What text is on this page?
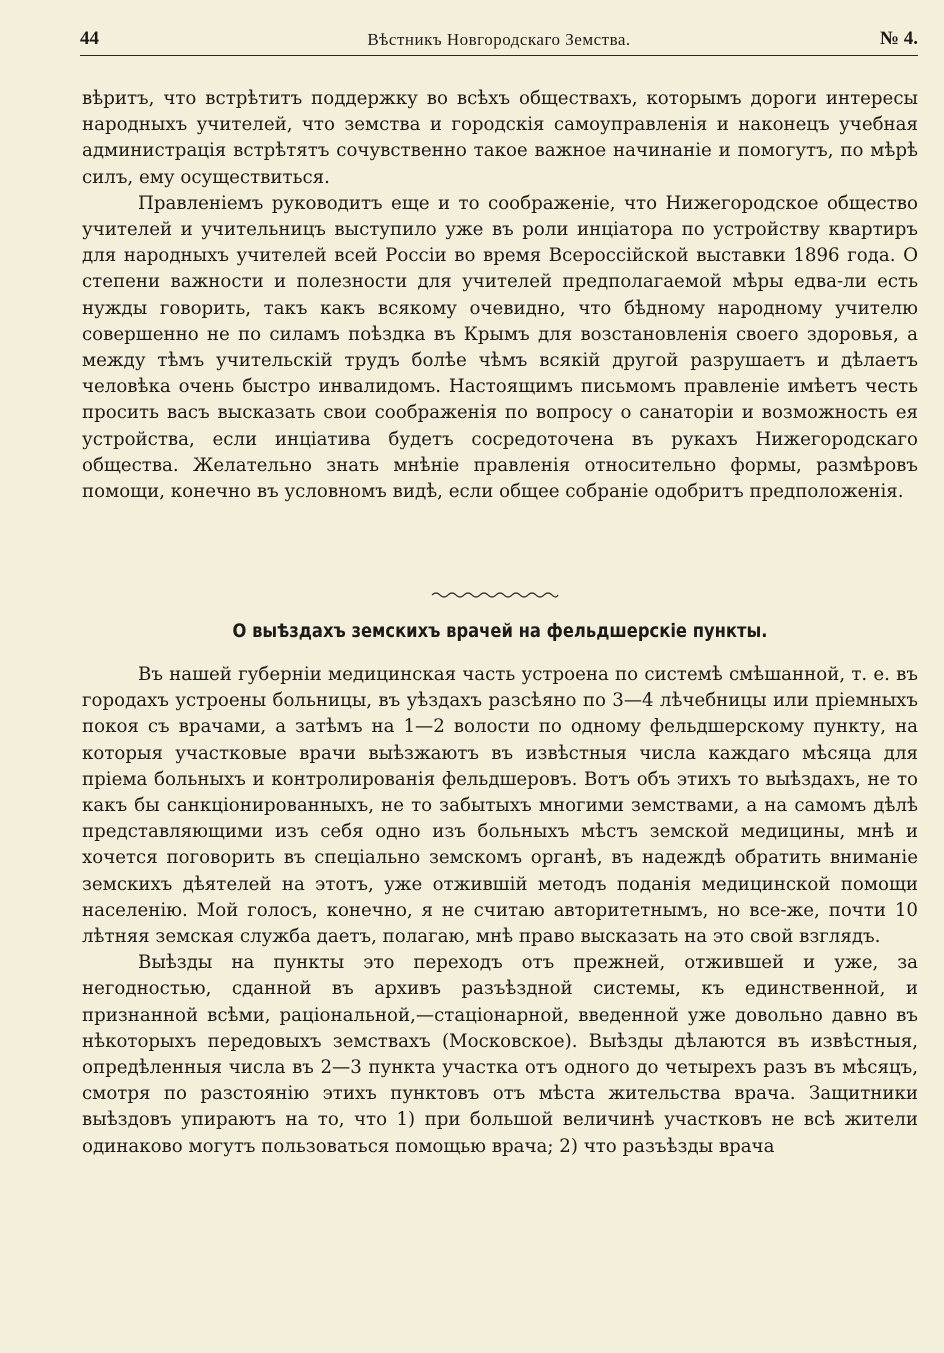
44	Вѣстникъ Новгородскаго Земства.	№ 4.

вѣритъ, что встрѣтитъ поддержку во всѣхъ обществахъ, которымъ дороги интересы народныхъ учителей, что земства и городскія самоуправленія и наконецъ учебная администрація встрѣтятъ сочувственно такое важное начинаніе и помогутъ, по мѣрѣ силъ, ему осуществиться.

Правленіемъ руководитъ еще и то соображеніе, что Нижегородское общество учителей и учительницъ выступило уже въ роли инціатора по устройству квартиръ для народныхъ учителей всей Россіи во время Всероссійской выставки 1896 года. О степени важности и полезности для учителей предполагаемой мѣры едва-ли есть нужды говорить, такъ какъ всякому очевидно, что бѣдному народному учителю совершенно не по силамъ поѣздка въ Крымъ для возстановленія своего здоровья, а между тѣмъ учительскій трудъ болѣе чѣмъ всякій другой разрушаетъ и дѣлаетъ человѣка очень быстро инвалидомъ. Настоящимъ письмомъ правленіе имѣетъ честь просить васъ высказать свои соображенія по вопросу о санаторіи и возможность ея устройства, если инціатива будетъ сосредоточена въ рукахъ Нижегородскаго общества. Желательно знать мнѣніе правленія относительно формы, размѣровъ помощи, конечно въ условномъ видѣ, если общее собраніе одобритъ предположенія.

О выѣздахъ земскихъ врачей на фельдшерскіе пункты.

Въ нашей губерніи медицинская часть устроена по системѣ смѣшанной, т. е. въ городахъ устроены больницы, въ уѣздахъ разсѣяно по 3—4 лѣчебницы или пріемныхъ покоя съ врачами, а затѣмъ на 1—2 волости по одному фельдшерскому пункту, на которыя участковые врачи выѣзжаютъ въ извѣстныя числа каждаго мѣсяца для пріема больныхъ и контролированія фельдшеровъ. Вотъ объ этихъ то выѣздахъ, не то какъ бы санкціонированныхъ, не то забытыхъ многими земствами, а на самомъ дѣлѣ представляющими изъ себя одно изъ больныхъ мѣстъ земской медицины, мнѣ и хочется поговорить въ спеціально земскомъ органѣ, въ надеждѣ обратить вниманіе земскихъ дѣятелей на этотъ, уже отжившій методъ поданія медицинской помощи населенію. Мой голосъ, конечно, я не считаю авторитетнымъ, но все-же, почти 10 лѣтняя земская служба даетъ, полагаю, мнѣ право высказать на это свой взглядъ.

Выѣзды на пункты это переходъ отъ прежней, отжившей и уже, за негодностью, сданной въ архивъ разъѣздной системы, къ единственной, и признанной всѣми, раціональной,—стаціонарной, введенной уже довольно давно въ нѣкоторыхъ передовыхъ земствахъ (Московское). Выѣзды дѣлаются въ извѣстныя, опредѣленныя числа въ 2—3 пункта участка отъ одного до четырехъ разъ въ мѣсяцъ, смотря по разстоянію этихъ пунктовъ отъ мѣста жительства врача. Защитники выѣздовъ упираютъ на то, что 1) при большой величинѣ участковъ не всѣ жители одинаково могутъ пользоваться помощью врача; 2) что разъѣзды врача
